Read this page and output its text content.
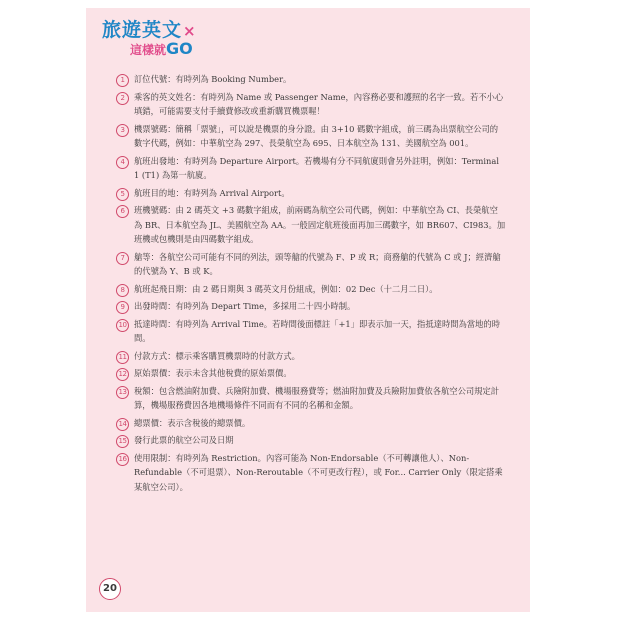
旅遊英文×
這樣就GO
1	訂位代號：有時列為 Booking Number。
2	乘客的英文姓名：有時列為 Name 或 Passenger Name，內容務必要和護照的名字一致。若不小心填錯，可能需要支付手續費修改或重新購買機票喔！
3	機票號碼：簡稱「票號」，可以說是機票的身分證。由 3+10 碼數字組成，前三碼為出票航空公司的數字代碼，例如：中華航空為 297、長榮航空為 695、日本航空為 131、美國航空為 001。
4	航班出發地：有時列為 Departure Airport。若機場有分不同航廈則會另外註明，例如：Terminal 1 (T1) 為第一航廈。
5	航班目的地：有時列為 Arrival Airport。
6	班機號碼：由 2 碼英文 +3 碼數字組成，前兩碼為航空公司代碼，例如：中華航空為 CI、長榮航空為 BR、日本航空為 JL、美國航空為 AA。一般固定航班後面再加三碼數字，如 BR607、CI983。加班機或包機則是由四碼數字組成。
7	艙等：各航空公司可能有不同的列法，頭等艙的代號為 F、P 或 R；商務艙的代號為 C 或 J；經濟艙的代號為 Y、B 或 K。
8	航班起飛日期：由 2 碼日期與 3 碼英文月份組成，例如：02 Dec（十二月二日）。
9	出發時間：有時列為 Depart Time，多採用二十四小時制。
10 抵達時間：有時列為 Arrival Time。若時間後面標註「+1」即表示加一天，指抵達時間為當地的時間。
11 付款方式：標示乘客購買機票時的付款方式。
12 原始票價：表示未含其他稅費的原始票價。
13 稅額：包含燃油附加費、兵險附加費、機場服務費等；燃油附加費及兵險附加費依各航空公司規定計算，機場服務費因各地機場條件不同而有不同的名稱和金額。
14 總票價：表示含稅後的總票價。
15 發行此票的航空公司及日期
16 使用限制：有時列為 Restriction。內容可能為 Non-Endorsable（不可轉讓他人）、Non-Refundable（不可退票）、Non-Reroutable（不可更改行程），或 For... Carrier Only（限定搭乘某航空公司）。
20
